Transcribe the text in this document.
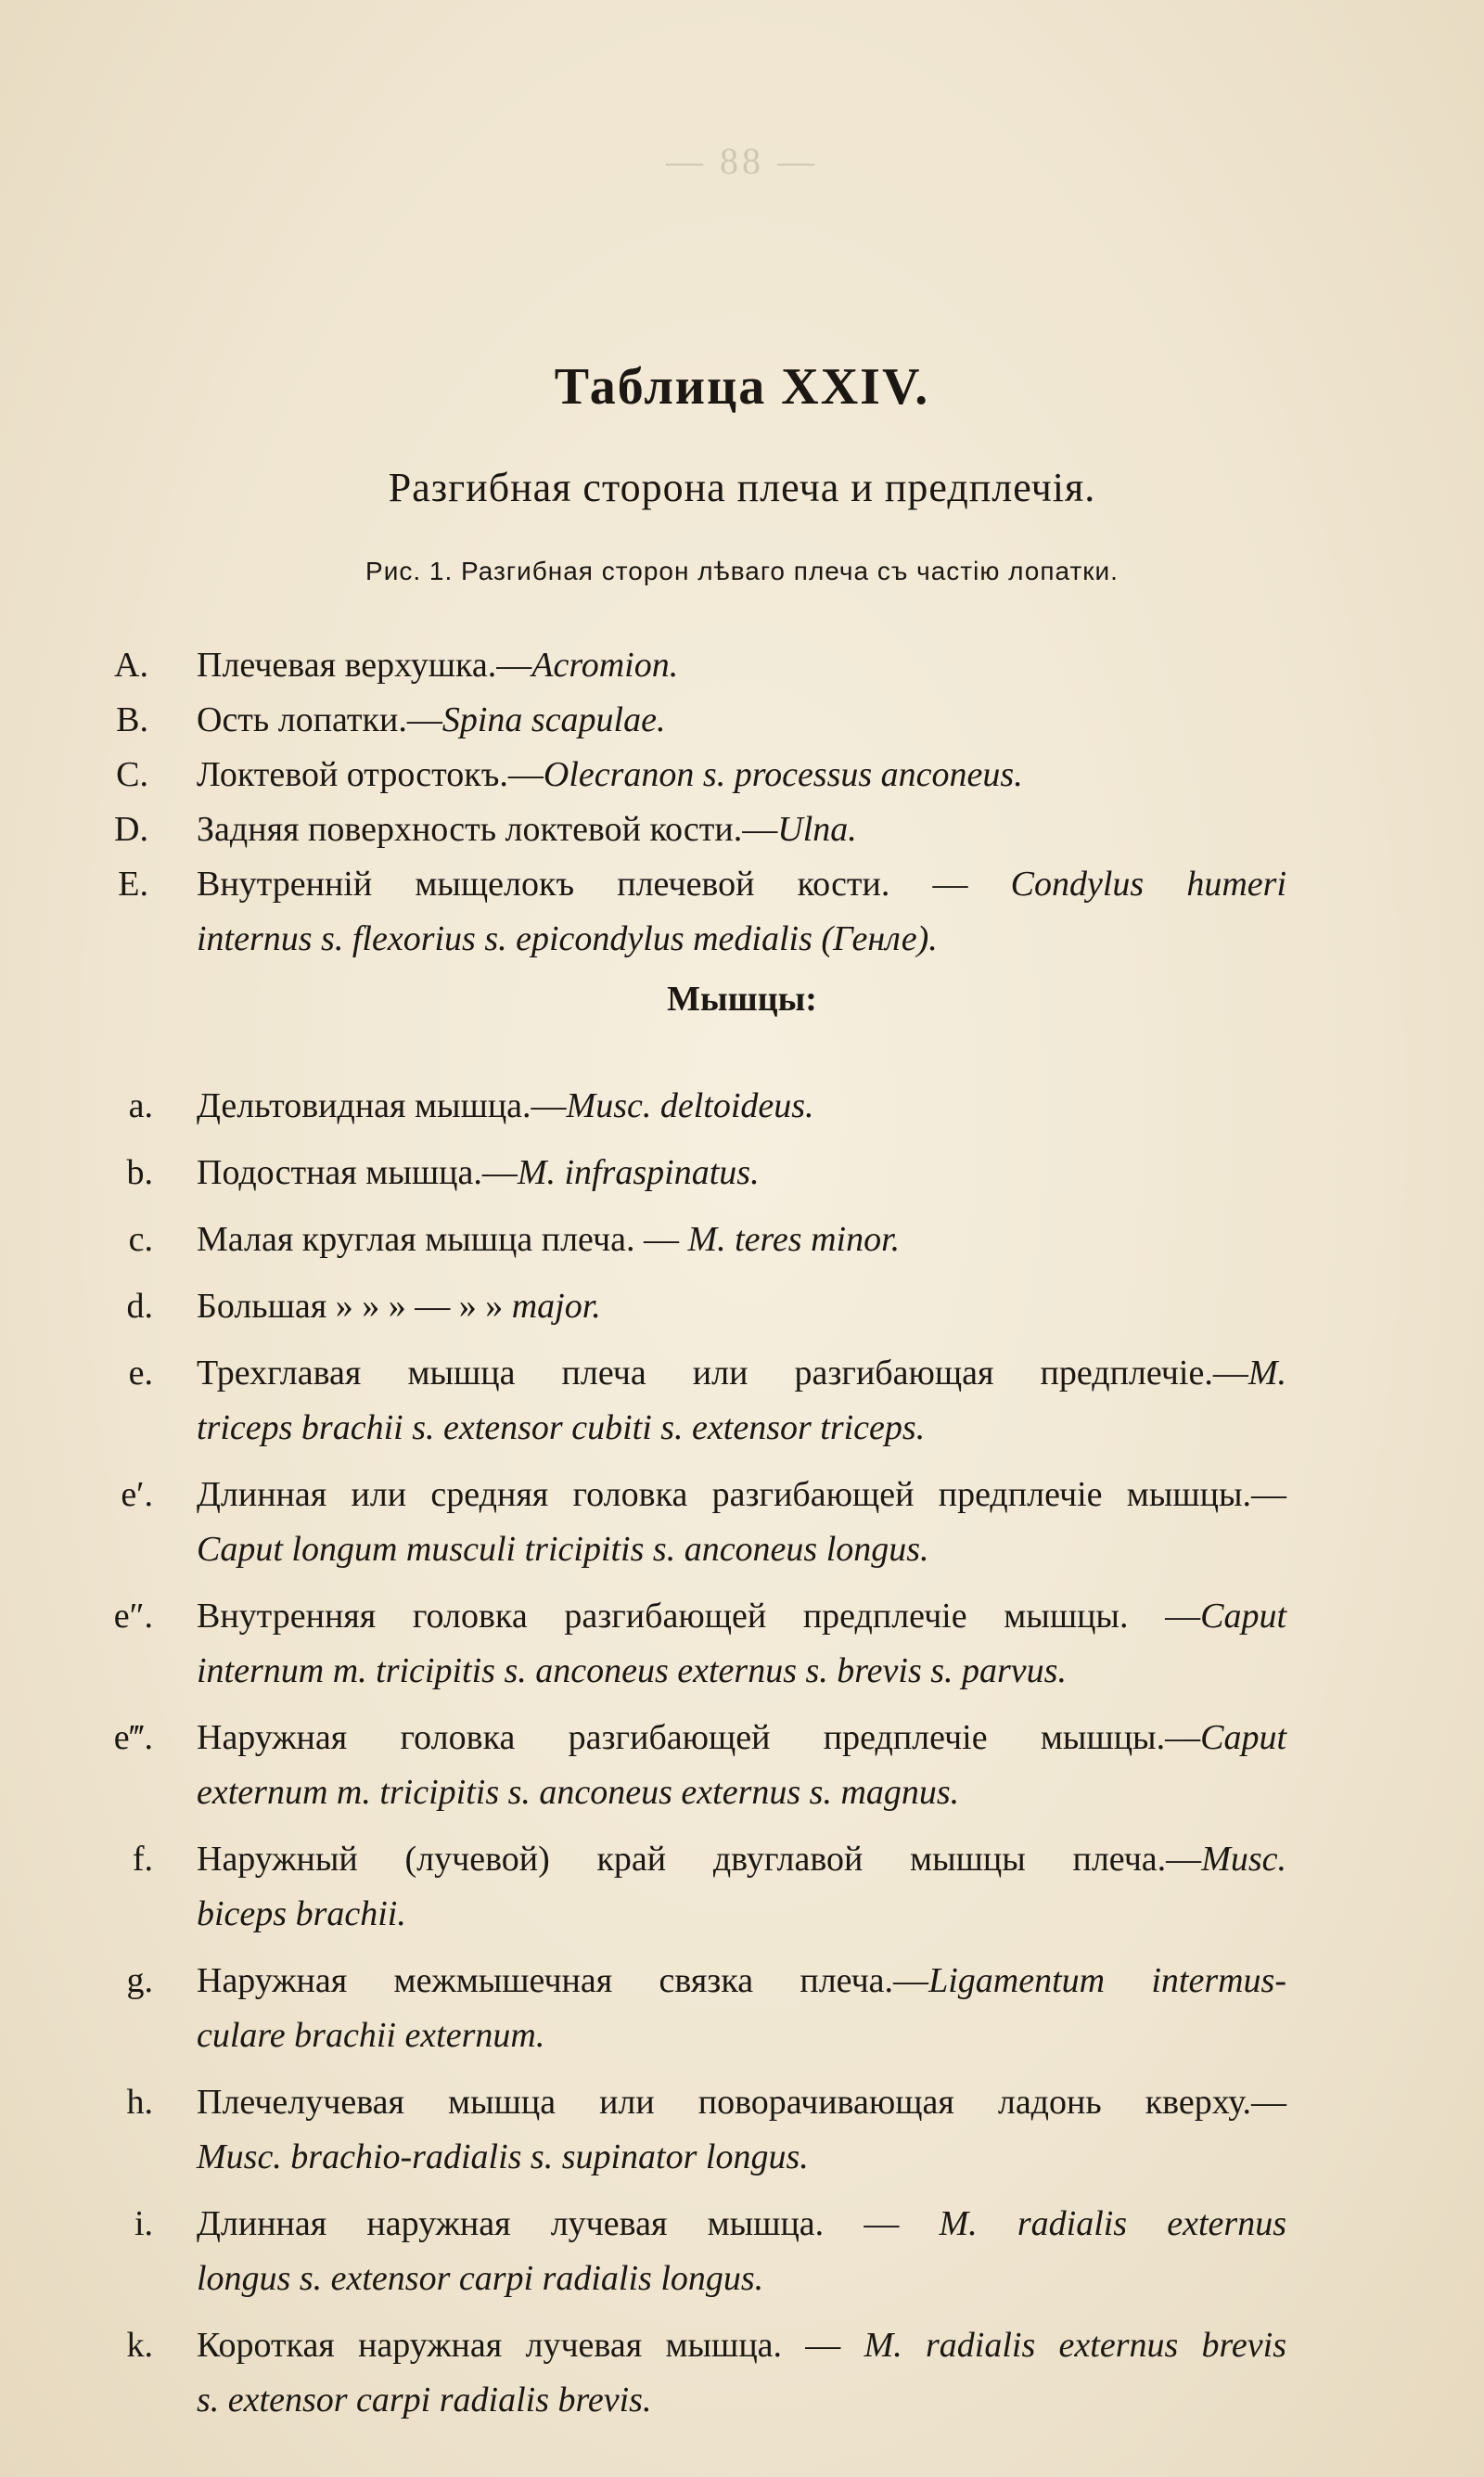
— 88 —
Таблица XXIV.
Разгибная сторона плеча и предплечія.
Рис. 1. Разгибная сторон лѣваго плеча съ частію лопатки.
A. Плечевая верхушка.—Acromion.
B. Ость лопатки.—Spina scapulae.
C. Локтевой отростокъ.—Olecranon s. processus anconeus.
D. Задняя поверхность локтевой кости.—Ulna.
E. Внутренній мыщелокъ плечевой кости. — Condylus humeri
internus s. flexorius s. epicondylus medialis (Генле).
Мышцы:
a. Дельтовидная мышца.—Musc. deltoideus.
b. Подостная мышца.—M. infraspinatus.
c. Малая круглая мышца плеча. — M. teres minor.
d. Большая » » » — » » major.
e. Трехглавая мышца плеча или разгибающая предплечіе.—M.
triceps brachii s. extensor cubiti s. extensor triceps.
e′. Длинная или средняя головка разгибающей предплечіе мышцы.—
Caput longum musculi tricipitis s. anconeus longus.
e″. Внутренняя головка разгибающей предплечіе мышцы. —Caput
internum m. tricipitis s. anconeus externus s. brevis s. parvus.
e‴. Наружная головка разгибающей предплечіе мышцы.—Caput
externum m. tricipitis s. anconeus externus s. magnus.
f. Наружный (лучевой) край двуглавой мышцы плеча.—Musc.
biceps brachii.
g. Наружная межмышечная связка плеча.—Ligamentum intermus-
culare brachii externum.
h. Плечелучевая мышца или поворачивающая ладонь кверху.—
Musc. brachio-radialis s. supinator longus.
i. Длинная наружная лучевая мышца. — M. radialis externus
longus s. extensor carpi radialis longus.
k. Короткая наружная лучевая мышца. — M. radialis externus brevis
s. extensor carpi radialis brevis.
